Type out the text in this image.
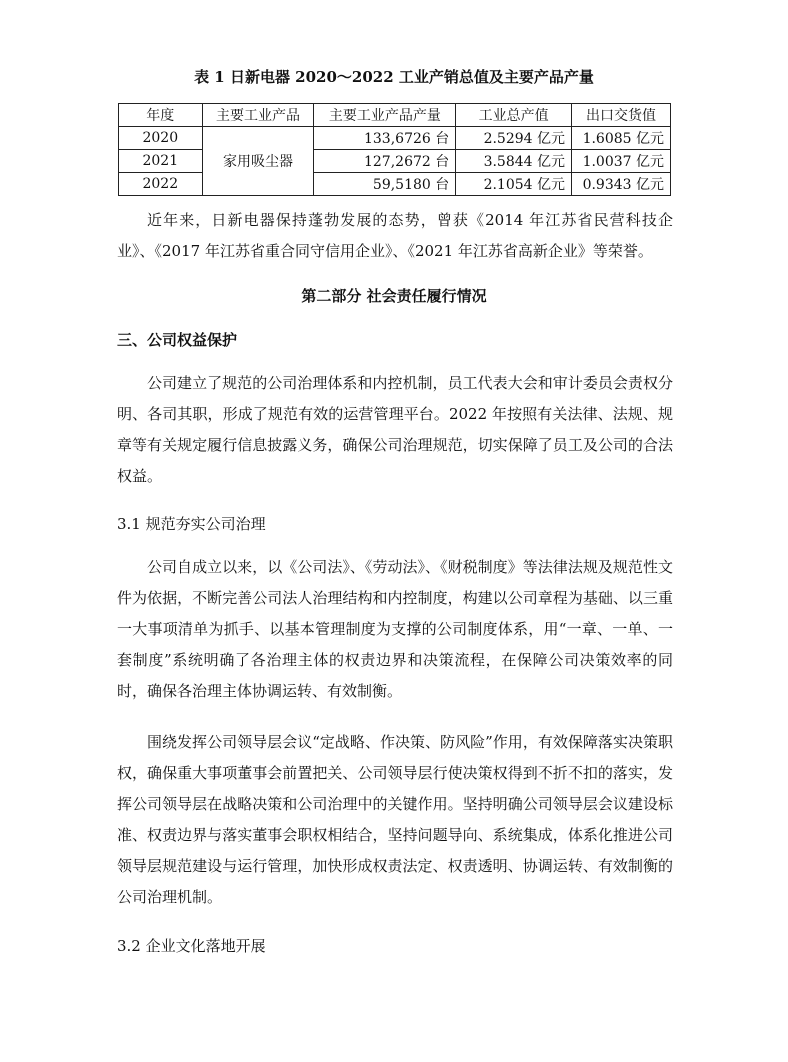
表 1 日新电器 2020～2022 工业产销总值及主要产品产量
年度	主要工业产品	主要工业产品产量	工业总产值	出口交货值
2020	家用吸尘器	133,6726 台	2.5294 亿元	1.6085 亿元
2021		127,2672 台	3.5844 亿元	1.0037 亿元
2022		59,5180 台	2.1054 亿元	0.9343 亿元

近年来，日新电器保持蓬勃发展的态势，曾获《2014 年江苏省民营科技企业》、《2017 年江苏省重合同守信用企业》、《2021 年江苏省高新企业》等荣誉。

第二部分 社会责任履行情况

三、公司权益保护

公司建立了规范的公司治理体系和内控机制，员工代表大会和审计委员会责权分明、各司其职，形成了规范有效的运营管理平台。2022 年按照有关法律、法规、规章等有关规定履行信息披露义务，确保公司治理规范，切实保障了员工及公司的合法权益。

3.1 规范夯实公司治理

公司自成立以来，以《公司法》、《劳动法》、《财税制度》等法律法规及规范性文件为依据，不断完善公司法人治理结构和内控制度，构建以公司章程为基础、以三重一大事项清单为抓手、以基本管理制度为支撑的公司制度体系，用“一章、一单、一套制度”系统明确了各治理主体的权责边界和决策流程，在保障公司决策效率的同时，确保各治理主体协调运转、有效制衡。

围绕发挥公司领导层会议“定战略、作决策、防风险”作用，有效保障落实决策职权，确保重大事项董事会前置把关、公司领导层行使决策权得到不折不扣的落实，发挥公司领导层在战略决策和公司治理中的关键作用。坚持明确公司领导层会议建设标准、权责边界与落实董事会职权相结合，坚持问题导向、系统集成，体系化推进公司领导层规范建设与运行管理，加快形成权责法定、权责透明、协调运转、有效制衡的公司治理机制。

3.2 企业文化落地开展
